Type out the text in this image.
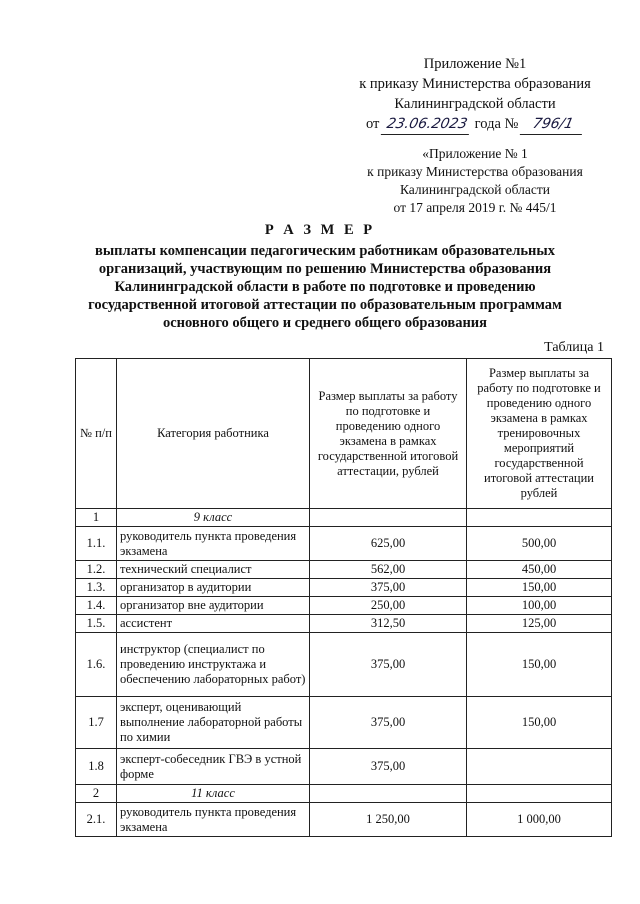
Приложение №1
к приказу Министерства образования
Калининградской области
от 23.06.2023 года № 796/1
«Приложение № 1
к приказу Министерства образования
Калининградской области
от 17 апреля 2019 г. № 445/1
Р А З М Е Р
выплаты компенсации педагогическим работникам образовательных организаций, участвующим по решению Министерства образования Калининградской области в работе по подготовке и проведению государственной итоговой аттестации по образовательным программам основного общего и среднего общего образования
Таблица 1
№ п/п	Категория работника	Размер выплаты за работу по подготовке и проведению одного экзамена в рамках государственной итоговой аттестации, рублей	Размер выплаты за работу по подготовке и проведению одного экзамена в рамках тренировочных мероприятий государственной итоговой аттестации рублей
1	9 класс		
1.1.	руководитель пункта проведения экзамена	625,00	500,00
1.2.	технический специалист	562,00	450,00
1.3.	организатор в аудитории	375,00	150,00
1.4.	организатор вне аудитории	250,00	100,00
1.5.	ассистент	312,50	125,00
1.6.	инструктор (специалист по проведению инструктажа и обеспечению лабораторных работ)	375,00	150,00
1.7	эксперт, оценивающий выполнение лабораторной работы по химии	375,00	150,00
1.8	эксперт-собеседник ГВЭ в устной форме	375,00	
2	11 класс		
2.1.	руководитель пункта проведения экзамена	1 250,00	1 000,00
